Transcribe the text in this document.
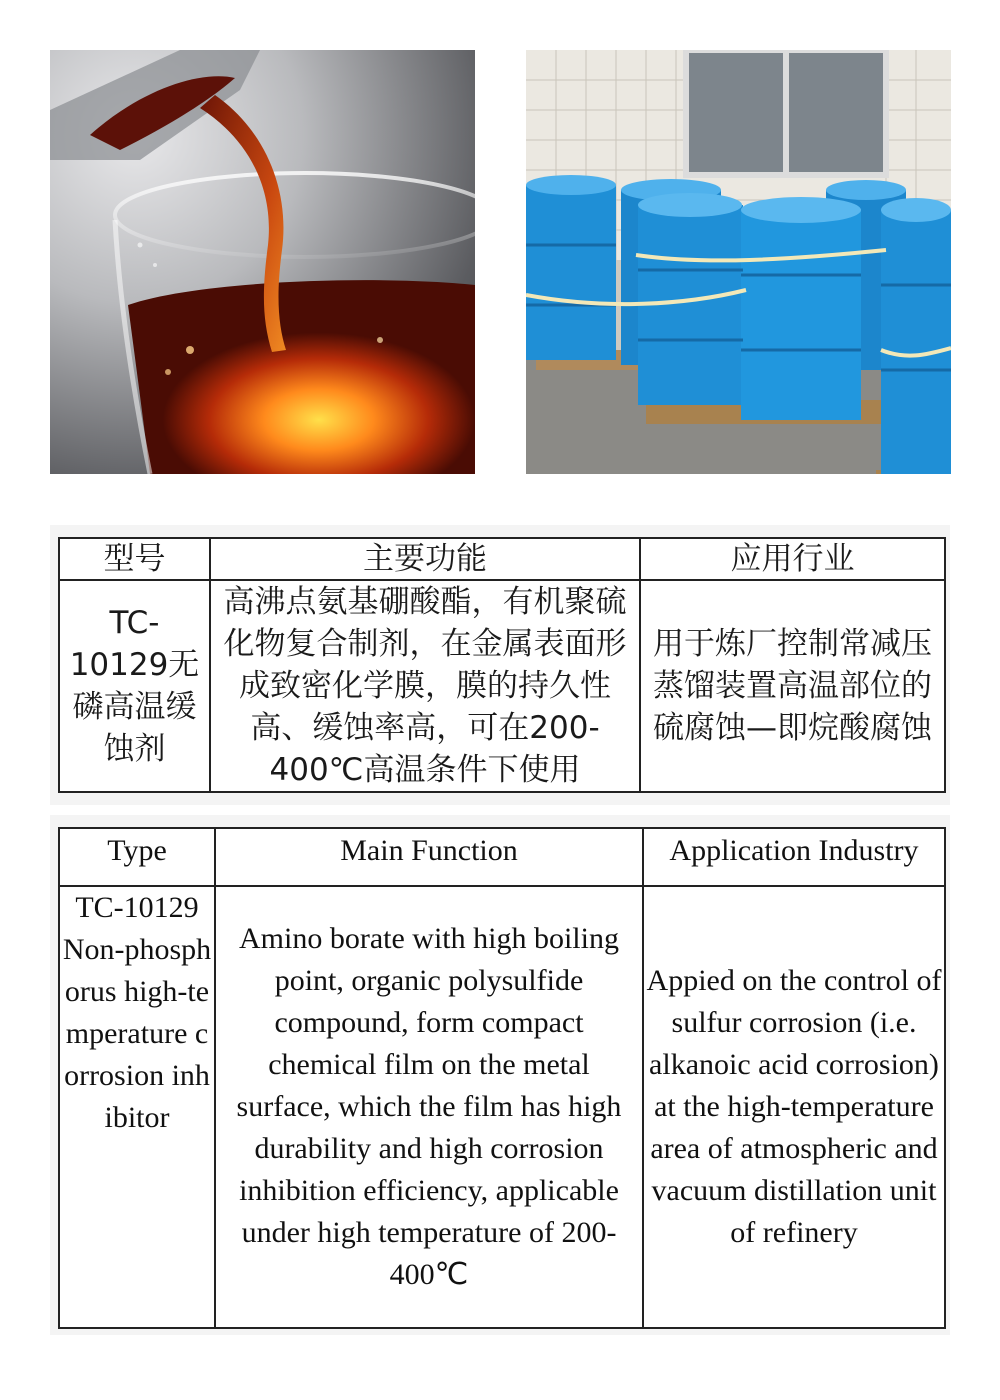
型号	主要功能	应用行业

TC-10129无磷高温缓蚀剂	高沸点氨基硼酸酯，有机聚硫化物复合制剂，在金属表面形成致密化学膜，膜的持久性高、缓蚀率高，可在200-400℃高温条件下使用	用于炼厂控制常减压蒸馏装置高温部位的硫腐蚀—即烷酸腐蚀
Type	Main Function	Application Industry

TC-10129 Non-phosphorus high-temperature corrosion inhibitor	Amino borate with high boiling point, organic polysulfide compound, form compact chemical film on the metal surface, which the film has high durability and high corrosion inhibition efficiency, applicable under high temperature of 200-400℃	Appied on the control of sulfur corrosion (i.e. alkanoic acid corrosion) at the high-temperature area of atmospheric and vacuum distillation unit of refinery
